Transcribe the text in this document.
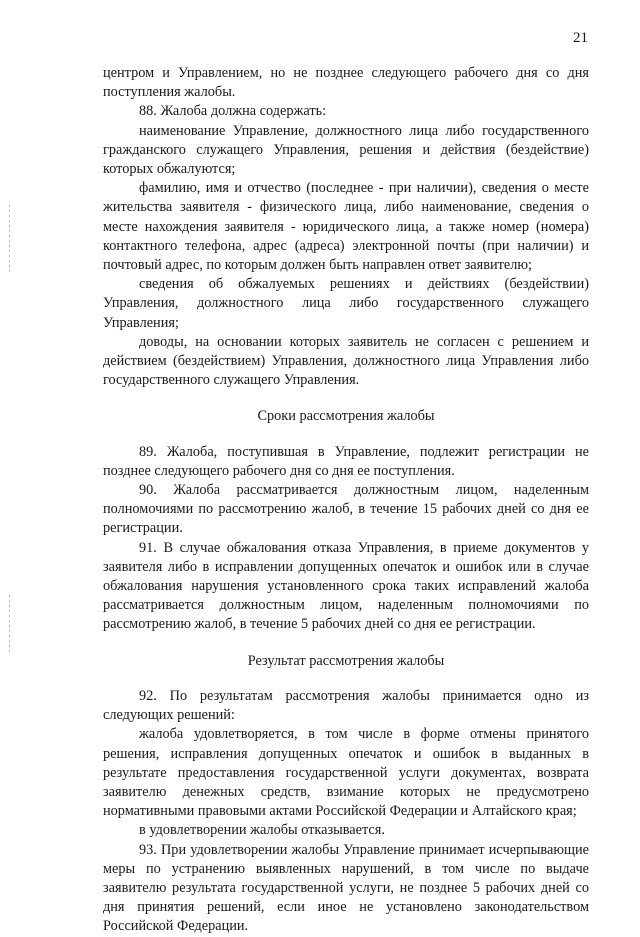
21

центром и Управлением, но не позднее следующего рабочего дня со дня поступления жалобы.

88. Жалоба должна содержать:

наименование Управление, должностного лица либо государственного гражданского служащего Управления, решения и действия (бездействие) которых обжалуются;

фамилию, имя и отчество (последнее - при наличии), сведения о месте жительства заявителя - физического лица, либо наименование, сведения о месте нахождения заявителя - юридического лица, а также номер (номера) контактного телефона, адрес (адреса) электронной почты (при наличии) и почтовый адрес, по которым должен быть направлен ответ заявителю;

сведения об обжалуемых решениях и действиях (бездействии) Управления, должностного лица либо государственного служащего Управления;

доводы, на основании которых заявитель не согласен с решением и действием (бездействием) Управления, должностного лица Управления либо государственного служащего Управления.

Сроки рассмотрения жалобы

89. Жалоба, поступившая в Управление, подлежит регистрации не позднее следующего рабочего дня со дня ее поступления.

90. Жалоба рассматривается должностным лицом, наделенным полномочиями по рассмотрению жалоб, в течение 15 рабочих дней со дня ее регистрации.

91. В случае обжалования отказа Управления, в приеме документов у заявителя либо в исправлении допущенных опечаток и ошибок или в случае обжалования нарушения установленного срока таких исправлений жалоба рассматривается должностным лицом, наделенным полномочиями по рассмотрению жалоб, в течение 5 рабочих дней со дня ее регистрации.

Результат рассмотрения жалобы

92. По результатам рассмотрения жалобы принимается одно из следующих решений:

жалоба удовлетворяется, в том числе в форме отмены принятого решения, исправления допущенных опечаток и ошибок в выданных в результате предоставления государственной услуги документах, возврата заявителю денежных средств, взимание которых не предусмотрено нормативными правовыми актами Российской Федерации и Алтайского края;

в удовлетворении жалобы отказывается.

93. При удовлетворении жалобы Управление принимает исчерпывающие меры по устранению выявленных нарушений, в том числе по выдаче заявителю результата государственной услуги, не позднее 5 рабочих дней со дня принятия решений, если иное не установлено законодательством Российской Федерации.
